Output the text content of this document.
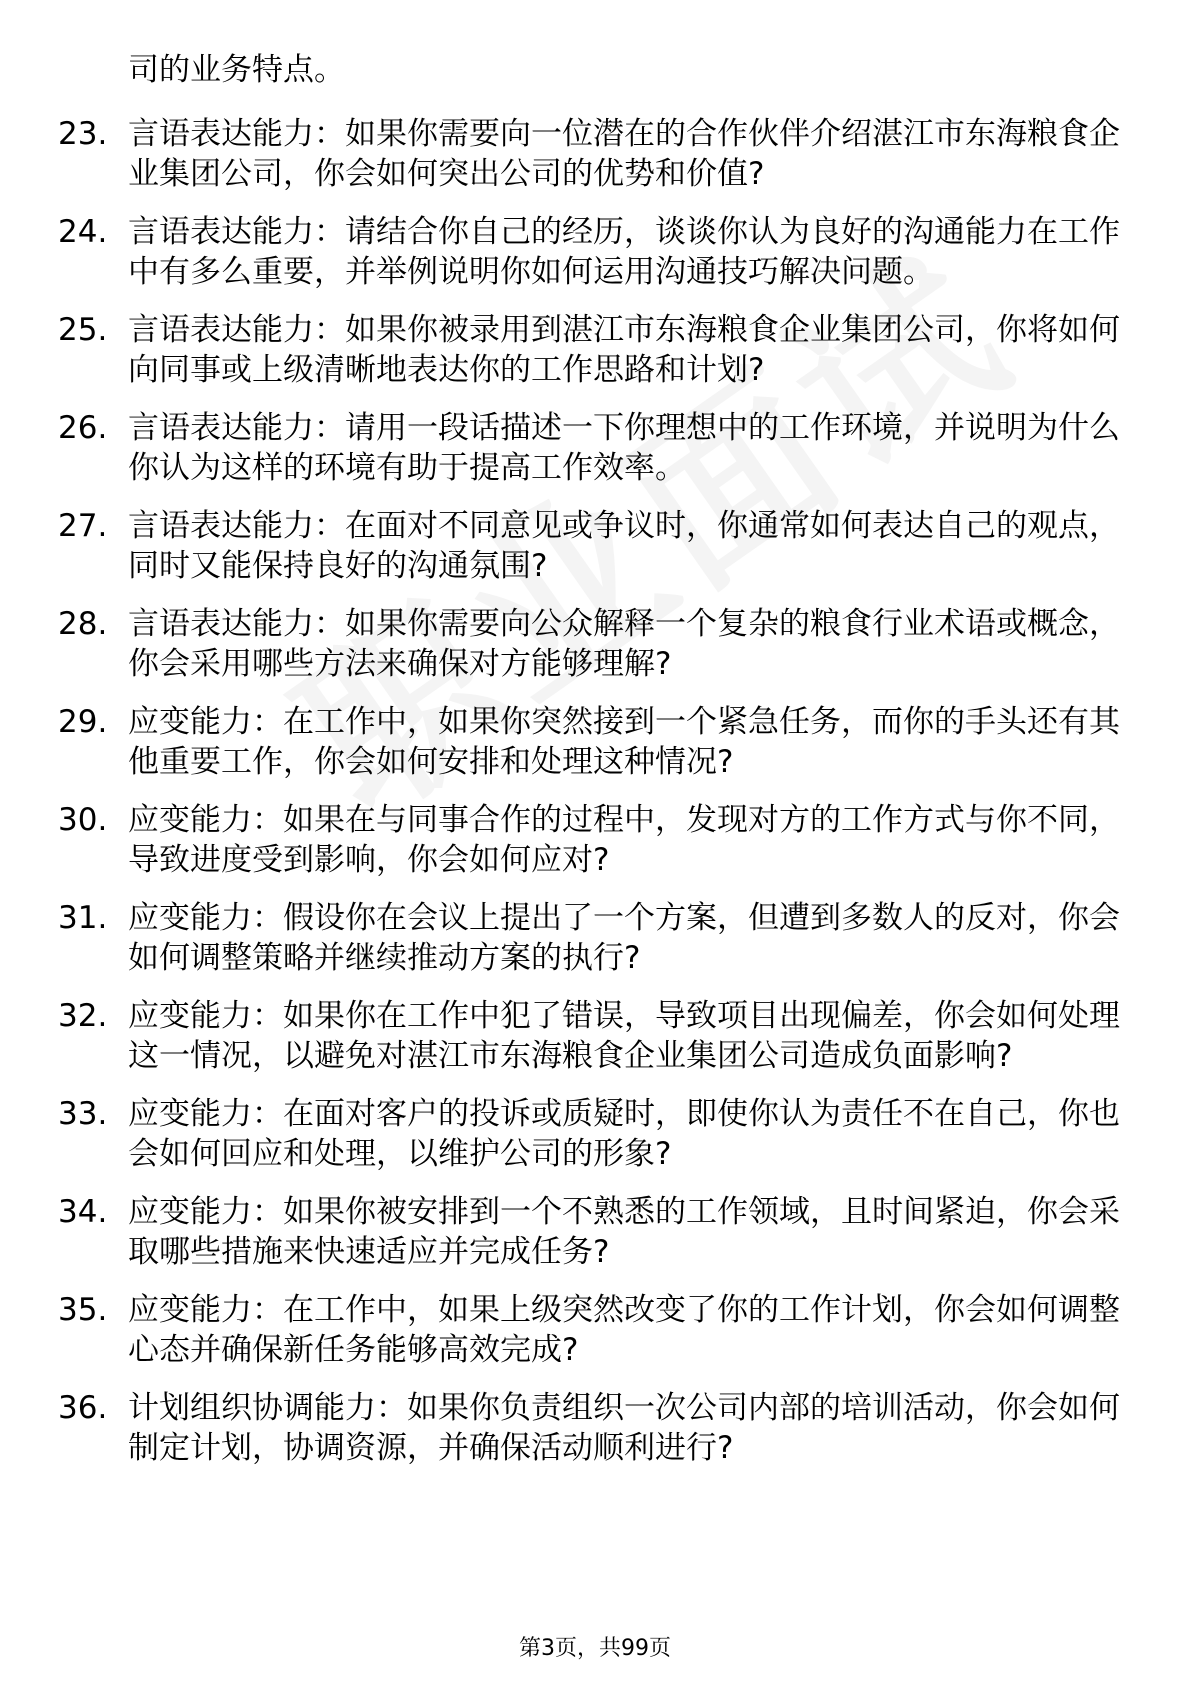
司的业务特点。
23. 言语表达能力：如果你需要向一位潜在的合作伙伴介绍湛江市东海粮食企业集团公司，你会如何突出公司的优势和价值?
24. 言语表达能力：请结合你自己的经历，谈谈你认为良好的沟通能力在工作中有多么重要，并举例说明你如何运用沟通技巧解决问题。
25. 言语表达能力：如果你被录用到湛江市东海粮食企业集团公司，你将如何向同事或上级清晰地表达你的工作思路和计划?
26. 言语表达能力：请用一段话描述一下你理想中的工作环境，并说明为什么你认为这样的环境有助于提高工作效率。
27. 言语表达能力：在面对不同意见或争议时，你通常如何表达自己的观点，同时又能保持良好的沟通氛围?
28. 言语表达能力：如果你需要向公众解释一个复杂的粮食行业术语或概念，你会采用哪些方法来确保对方能够理解?
29. 应变能力：在工作中，如果你突然接到一个紧急任务，而你的手头还有其他重要工作，你会如何安排和处理这种情况?
30. 应变能力：如果在与同事合作的过程中，发现对方的工作方式与你不同，导致进度受到影响，你会如何应对?
31. 应变能力：假设你在会议上提出了一个方案，但遭到多数人的反对，你会如何调整策略并继续推动方案的执行?
32. 应变能力：如果你在工作中犯了错误，导致项目出现偏差，你会如何处理这一情况，以避免对湛江市东海粮食企业集团公司造成负面影响?
33. 应变能力：在面对客户的投诉或质疑时，即使你认为责任不在自己，你也会如何回应和处理，以维护公司的形象?
34. 应变能力：如果你被安排到一个不熟悉的工作领域，且时间紧迫，你会采取哪些措施来快速适应并完成任务?
35. 应变能力：在工作中，如果上级突然改变了你的工作计划，你会如何调整心态并确保新任务能够高效完成?
36. 计划组织协调能力：如果你负责组织一次公司内部的培训活动，你会如何制定计划，协调资源，并确保活动顺利进行?
第3页，共99页
